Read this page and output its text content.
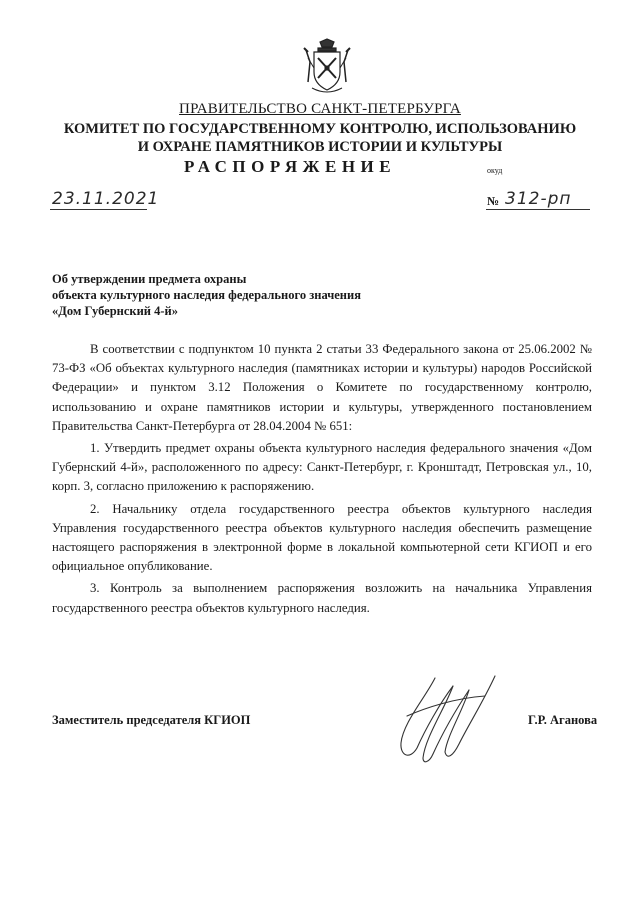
ПРАВИТЕЛЬСТВО САНКТ-ПЕТЕРБУРГА
КОМИТЕТ ПО ГОСУДАРСТВЕННОМУ КОНТРОЛЮ, ИСПОЛЬЗОВАНИЮ
И ОХРАНЕ ПАМЯТНИКОВ ИСТОРИИ И КУЛЬТУРЫ
РАСПОРЯЖЕНИЕ	окуд
23.11.2021	№ 312-рп
Об утверждении предмета охраны
объекта культурного наследия федерального значения
«Дом Губернский 4-й»

В соответствии с подпунктом 10 пункта 2 статьи 33 Федерального закона от 25.06.2002 № 73-ФЗ «Об объектах культурного наследия (памятниках истории и культуры) народов Российской Федерации» и пунктом 3.12 Положения о Комитете по государственному контролю, использованию и охране памятников истории и культуры, утвержденного постановлением Правительства Санкт-Петербурга от 28.04.2004 № 651:

1. Утвердить предмет охраны объекта культурного наследия федерального значения «Дом Губернский 4-й», расположенного по адресу: Санкт-Петербург, г. Кронштадт, Петровская ул., 10, корп. 3, согласно приложению к распоряжению.

2. Начальнику отдела государственного реестра объектов культурного наследия Управления государственного реестра объектов культурного наследия обеспечить размещение настоящего распоряжения в электронной форме в локальной компьютерной сети КГИОП и его официальное опубликование.

3. Контроль за выполнением распоряжения возложить на начальника Управления государственного реестра объектов культурного наследия.

Заместитель председателя КГИОП	Г.Р. Аганова
